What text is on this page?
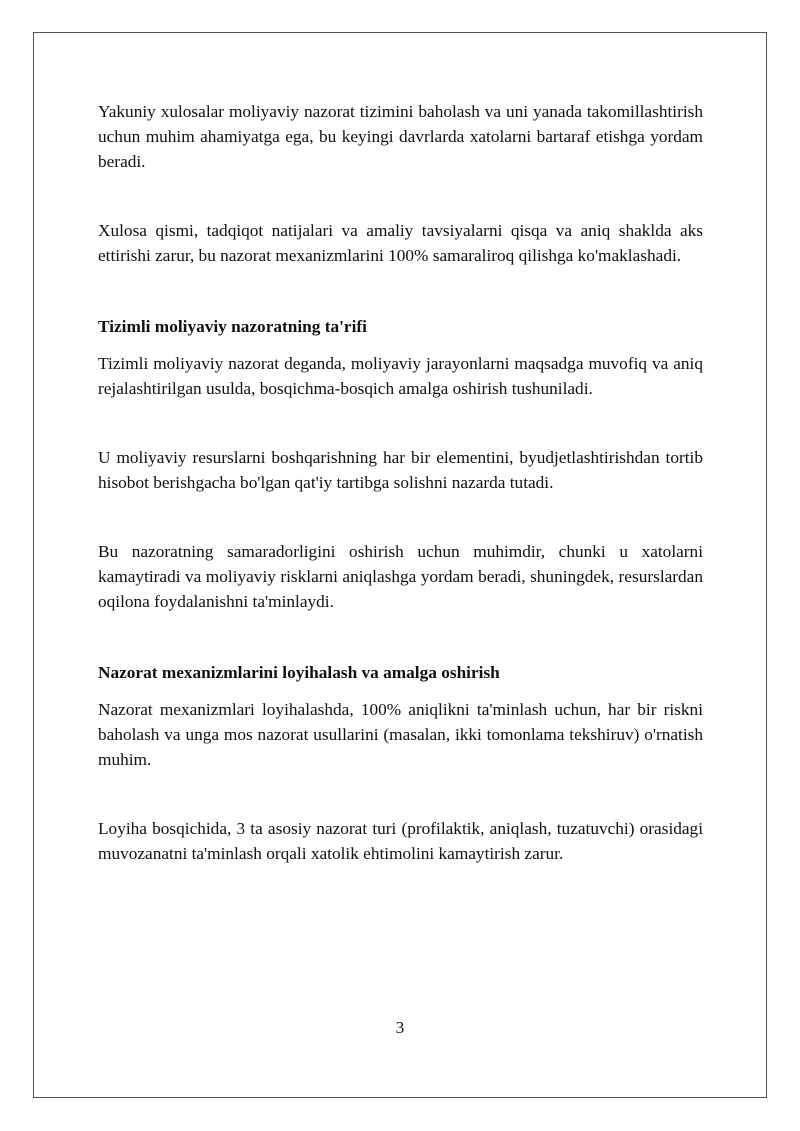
Yakuniy xulosalar moliyaviy nazorat tizimini baholash va uni yanada takomillashtirish uchun muhim ahamiyatga ega, bu keyingi davrlarda xatolarni bartaraf etishga yordam beradi.

Xulosa qismi, tadqiqot natijalari va amaliy tavsiyalarni qisqa va aniq shaklda aks ettirishi zarur, bu nazorat mexanizmlarini 100% samaraliroq qilishga ko'maklashadi.

Tizimli moliyaviy nazoratning ta'rifi

Tizimli moliyaviy nazorat deganda, moliyaviy jarayonlarni maqsadga muvofiq va aniq rejalashtirilgan usulda, bosqichma-bosqich amalga oshirish tushuniladi.

U moliyaviy resurslarni boshqarishning har bir elementini, byudjetlashtirishdan tortib hisobot berishgacha bo'lgan qat'iy tartibga solishni nazarda tutadi.

Bu nazoratning samaradorligini oshirish uchun muhimdir, chunki u xatolarni kamaytiradi va moliyaviy risklarni aniqlashga yordam beradi, shuningdek, resurslardan oqilona foydalanishni ta'minlaydi.

Nazorat mexanizmlarini loyihalash va amalga oshirish

Nazorat mexanizmlari loyihalashda, 100% aniqlikni ta'minlash uchun, har bir riskni baholash va unga mos nazorat usullarini (masalan, ikki tomonlama tekshiruv) o'rnatish muhim.

Loyiha bosqichida, 3 ta asosiy nazorat turi (profilaktik, aniqlash, tuzatuvchi) orasidagi muvozanatni ta'minlash orqali xatolik ehtimolini kamaytirish zarur.

3
